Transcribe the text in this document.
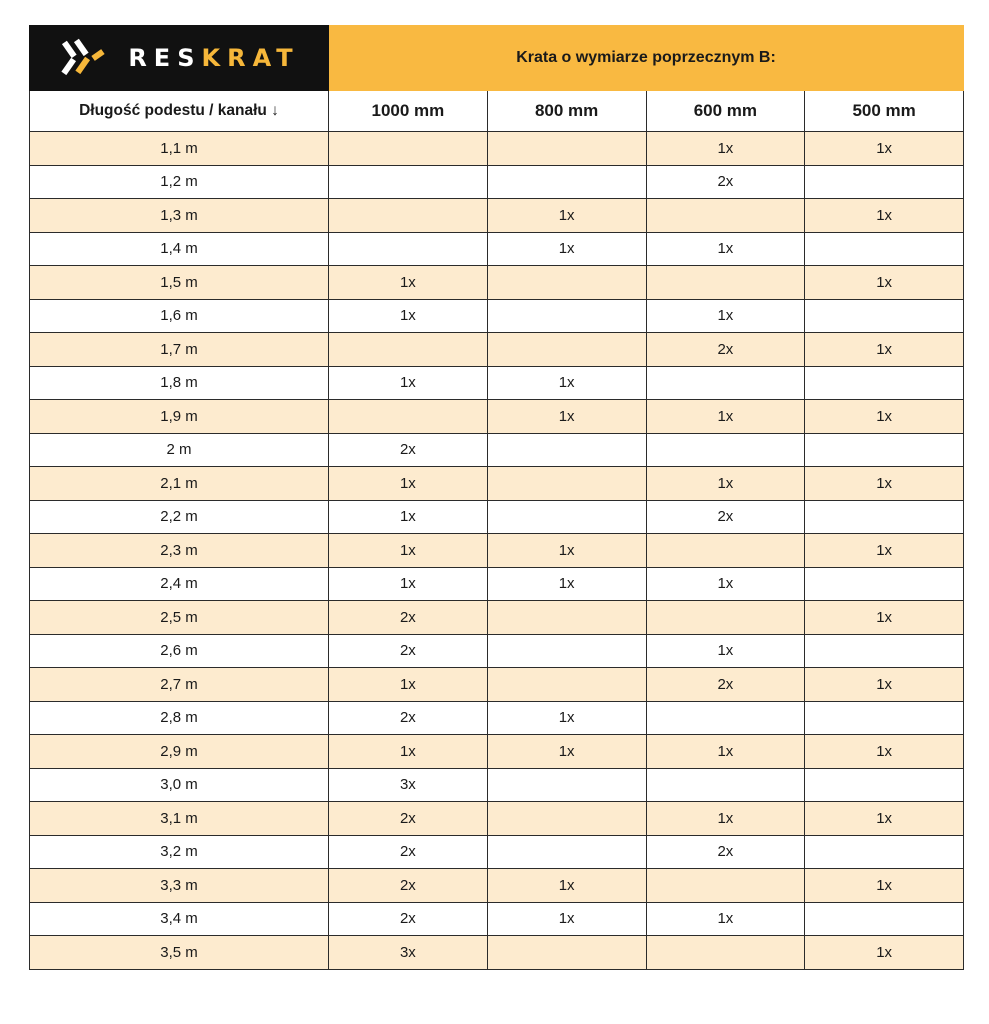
RESKRAT	Krata o wymiarze poprzecznym B:			
Długość podestu / kanału ↓	1000 mm	800 mm	600 mm	500 mm
1,1 m			1x	1x
1,2 m			2x	
1,3 m		1x		1x
1,4 m		1x	1x	
1,5 m	1x			1x
1,6 m	1x		1x	
1,7 m			2x	1x
1,8 m	1x	1x		
1,9 m		1x	1x	1x
2 m	2x			
2,1 m	1x		1x	1x
2,2 m	1x		2x	
2,3 m	1x	1x		1x
2,4 m	1x	1x	1x	
2,5 m	2x			1x
2,6 m	2x		1x	
2,7 m	1x		2x	1x
2,8 m	2x	1x		
2,9 m	1x	1x	1x	1x
3,0 m	3x			
3,1 m	2x		1x	1x
3,2 m	2x		2x	
3,3 m	2x	1x		1x
3,4 m	2x	1x	1x	
3,5 m	3x			1x
